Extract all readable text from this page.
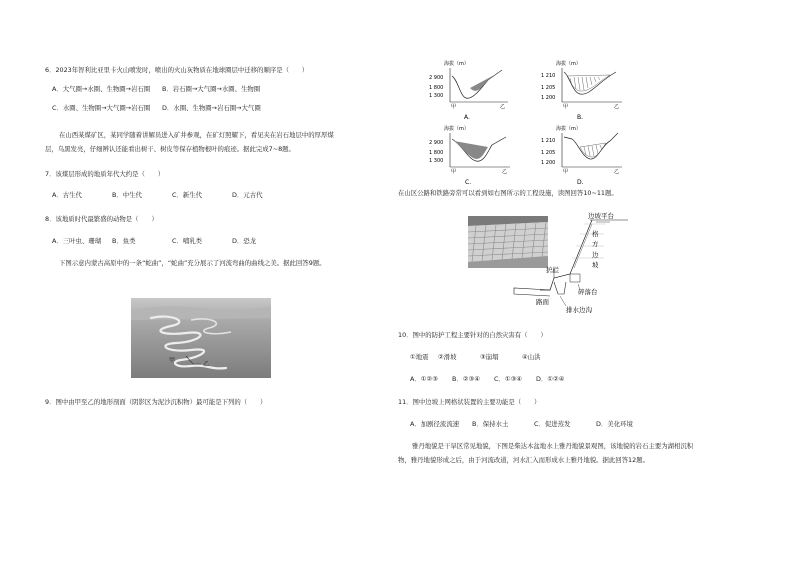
6．2023年智利比亚里卡火山喷发时，喷出的火山灰物质在地球圈层中迁移的顺序是（　　）
A．大气圈→水圈、生物圈→岩石圈	B．岩石圈→大气圈→水圈、生物圈
C．水圈、生物圈→大气圈→岩石圈	D．水圈、生物圈→岩石圈→大气圈
在山西某煤矿区，某同学随着讲解员进入矿井参观，在矿灯照耀下，看见夹在岩石地层中的厚厚煤层，乌黑发亮，仔细辨认还能看出树干、树皮等保存植物根叶的痕迹。据此完成7~8题。
7．该煤层形成的地质年代大约是（　　）
A．古生代	B．中生代	C．新生代	D．元古代
8．该地质时代最繁盛的动物是（　　）
A．三叶虫、珊瑚	B．鱼类	C．哺乳类	D．恐龙
下图示意内蒙古高原中的一条“蛇曲”，“蛇曲”充分展示了河流弯曲的曲线之美。据此回答9题。
甲
乙
9．图中由甲至乙的地形剖面（阴影区为泥沙沉积物）最可能是下列的（　　）
海拔（m）
2 900
1 800
1 300
甲	乙
A.
海拔（m）
1 210
1 205
1 200
甲	乙
B.
海拔（m）
2 900
1 800
1 300
甲	乙
C.
海拔（m）
1 210
1 205
1 200
甲	乙
D.
在山区公路和铁路旁常可以看到如右图所示的工程设施，读图回答10~11题。
边坡平台
格
方
边
坡
护栏
碎落台
路面
排水边沟
10．图中的防护工程主要针对的自然灾害有（　　）
①地震	②滑坡	③崩塌	④山洪
A．①②③	B．②③④	C．①③④	D．①②④
11．图中边坡上网格状装置的主要功能是（　　）
A．加剧径流流速	B．保持水土	C．促进蒸发	D．美化环境
雅丹地貌是干旱区常见地貌，下图是柴达木盆地水上雅丹地貌景观图，该地貌的岩石主要为湖相沉积物，雅丹地貌形成之后，由于河流改道，河水汇入而形成水上雅丹地貌。据此回答12题。
